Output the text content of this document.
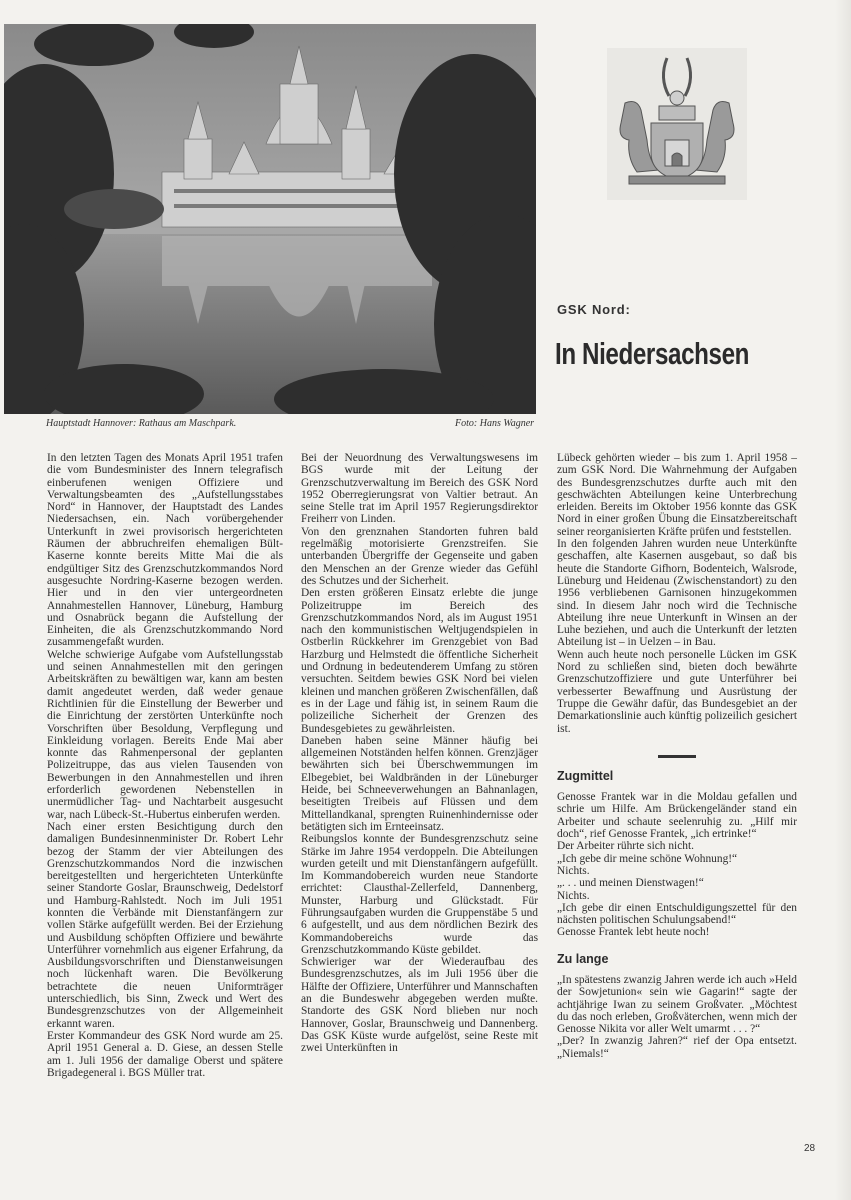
Hauptstadt Hannover: Rathaus am Maschpark.	Foto: Hans Wagner
GSK Nord:
In Niedersachsen

In den letzten Tagen des Monats April 1951 trafen die vom Bundesminister des Innern telegrafisch einberufenen wenigen Offiziere und Verwaltungsbeamten des „Aufstellungsstabes Nord“ in Hannover, der Hauptstadt des Landes Niedersachsen, ein. Nach vorübergehender Unterkunft in zwei provisorisch hergerichteten Räumen der abbruchreifen ehemaligen Bült-Kaserne konnte bereits Mitte Mai die als endgültiger Sitz des Grenzschutzkommandos Nord ausgesuchte Nordring-Kaserne bezogen werden. Hier und in den vier untergeordneten Annahmestellen Hannover, Lüneburg, Hamburg und Osnabrück begann die Aufstellung der Einheiten, die als Grenzschutzkommando Nord zusammengefaßt wurden.

Welche schwierige Aufgabe vom Aufstellungsstab und seinen Annahmestellen mit den geringen Arbeitskräften zu bewältigen war, kann am besten damit angedeutet werden, daß weder genaue Richtlinien für die Einstellung der Bewerber und die Einrichtung der zerstörten Unterkünfte noch Vorschriften über Besoldung, Verpflegung und Einkleidung vorlagen. Bereits Ende Mai aber konnte das Rahmenpersonal der geplanten Polizeitruppe, das aus vielen Tausenden von Bewerbungen in den Annahmestellen und ihren erforderlich gewordenen Nebenstellen in unermüdlicher Tag- und Nachtarbeit ausgesucht war, nach Lübeck-St.-Hubertus einberufen werden.

Nach einer ersten Besichtigung durch den damaligen Bundesinnenminister Dr. Robert Lehr bezog der Stamm der vier Abteilungen des Grenzschutzkommandos Nord die inzwischen bereitgestellten und hergerichteten Unterkünfte seiner Standorte Goslar, Braunschweig, Dedelstorf und Hamburg-Rahlstedt. Noch im Juli 1951 konnten die Verbände mit Dienstanfängern zur vollen Stärke aufgefüllt werden. Bei der Erziehung und Ausbildung schöpften Offiziere und bewährte Unterführer vornehmlich aus eigener Erfahrung, da Ausbildungsvorschriften und Dienstanweisungen noch lückenhaft waren. Die Bevölkerung betrachtete die neuen Uniformträger unterschiedlich, bis Sinn, Zweck und Wert des Bundesgrenzschutzes von der Allgemeinheit erkannt waren.

Erster Kommandeur des GSK Nord wurde am 25. April 1951 General a. D. Giese, an dessen Stelle am 1. Juli 1956 der damalige Oberst und spätere Brigadegeneral i. BGS Müller trat.

Bei der Neuordnung des Verwaltungswesens im BGS wurde mit der Leitung der Grenzschutzverwaltung im Bereich des GSK Nord 1952 Oberregierungsrat von Valtier betraut. An seine Stelle trat im April 1957 Regierungsdirektor Freiherr von Linden.

Von den grenznahen Standorten fuhren bald regelmäßig motorisierte Grenzstreifen. Sie unterbanden Übergriffe der Gegenseite und gaben den Menschen an der Grenze wieder das Gefühl des Schutzes und der Sicherheit.

Den ersten größeren Einsatz erlebte die junge Polizeitruppe im Bereich des Grenzschutzkommandos Nord, als im August 1951 nach den kommunistischen Weltjugendspielen in Ostberlin Rückkehrer im Grenzgebiet von Bad Harzburg und Helmstedt die öffentliche Sicherheit und Ordnung in bedeutenderem Umfang zu stören versuchten. Seitdem bewies GSK Nord bei vielen kleinen und manchen größeren Zwischenfällen, daß es in der Lage und fähig ist, in seinem Raum die polizeiliche Sicherheit der Grenzen des Bundesgebietes zu gewährleisten.

Daneben haben seine Männer häufig bei allgemeinen Notständen helfen können. Grenzjäger bewährten sich bei Überschwemmungen im Elbegebiet, bei Waldbränden in der Lüneburger Heide, bei Schneeverwehungen an Bahnanlagen, beseitigten Treibeis auf Flüssen und dem Mittellandkanal, sprengten Ruinenhindernisse oder betätigten sich im Ernteeinsatz.

Reibungslos konnte der Bundesgrenzschutz seine Stärke im Jahre 1954 verdoppeln. Die Abteilungen wurden geteilt und mit Dienstanfängern aufgefüllt. Im Kommandobereich wurden neue Standorte errichtet: Clausthal-Zellerfeld, Dannenberg, Munster, Harburg und Glückstadt. Für Führungsaufgaben wurden die Gruppenstäbe 5 und 6 aufgestellt, und aus dem nördlichen Bezirk des Kommandobereichs wurde das Grenzschutzkommando Küste gebildet.

Schwieriger war der Wiederaufbau des Bundesgrenzschutzes, als im Juli 1956 über die Hälfte der Offiziere, Unterführer und Mannschaften an die Bundeswehr abgegeben werden mußte. Standorte des GSK Nord blieben nur noch Hannover, Goslar, Braunschweig und Dannenberg. Das GSK Küste wurde aufgelöst, seine Reste mit zwei Unterkünften in

Lübeck gehörten wieder – bis zum 1. April 1958 – zum GSK Nord. Die Wahrnehmung der Aufgaben des Bundesgrenzschutzes durfte auch mit den geschwächten Abteilungen keine Unterbrechung erleiden. Bereits im Oktober 1956 konnte das GSK Nord in einer großen Übung die Einsatzbereitschaft seiner reorganisierten Kräfte prüfen und feststellen.

In den folgenden Jahren wurden neue Unterkünfte geschaffen, alte Kasernen ausgebaut, so daß bis heute die Standorte Gifhorn, Bodenteich, Walsrode, Lüneburg und Heidenau (Zwischenstandort) zu den 1956 verbliebenen Garnisonen hinzugekommen sind. In diesem Jahr noch wird die Technische Abteilung ihre neue Unterkunft in Winsen an der Luhe beziehen, und auch die Unterkunft der letzten Abteilung ist – in Uelzen – in Bau.

Wenn auch heute noch personelle Lücken im GSK Nord zu schließen sind, bieten doch bewährte Grenzschutzoffiziere und gute Unterführer bei verbesserter Bewaffnung und Ausrüstung der Truppe die Gewähr dafür, das Bundesgebiet an der Demarkationslinie auch künftig polizeilich gesichert ist.

Zugmittel

Genosse Frantek war in die Moldau gefallen und schrie um Hilfe. Am Brückengeländer stand ein Arbeiter und schaute seelenruhig zu. „Hilf mir doch“, rief Genosse Frantek, „ich ertrinke!“

Der Arbeiter rührte sich nicht.

„Ich gebe dir meine schöne Wohnung!“

Nichts.

„. . . und meinen Dienstwagen!“

Nichts.

„Ich gebe dir einen Entschuldigungszettel für den nächsten politischen Schulungsabend!“

Genosse Frantek lebt heute noch!

Zu lange

„In spätestens zwanzig Jahren werde ich auch »Held der Sowjetunion« sein wie Gagarin!“ sagte der achtjährige Iwan zu seinem Großvater. „Möchtest du das noch erleben, Großväterchen, wenn mich der Genosse Nikita vor aller Welt umarmt . . . ?“

„Der? In zwanzig Jahren?“ rief der Opa entsetzt. „Niemals!“

28
